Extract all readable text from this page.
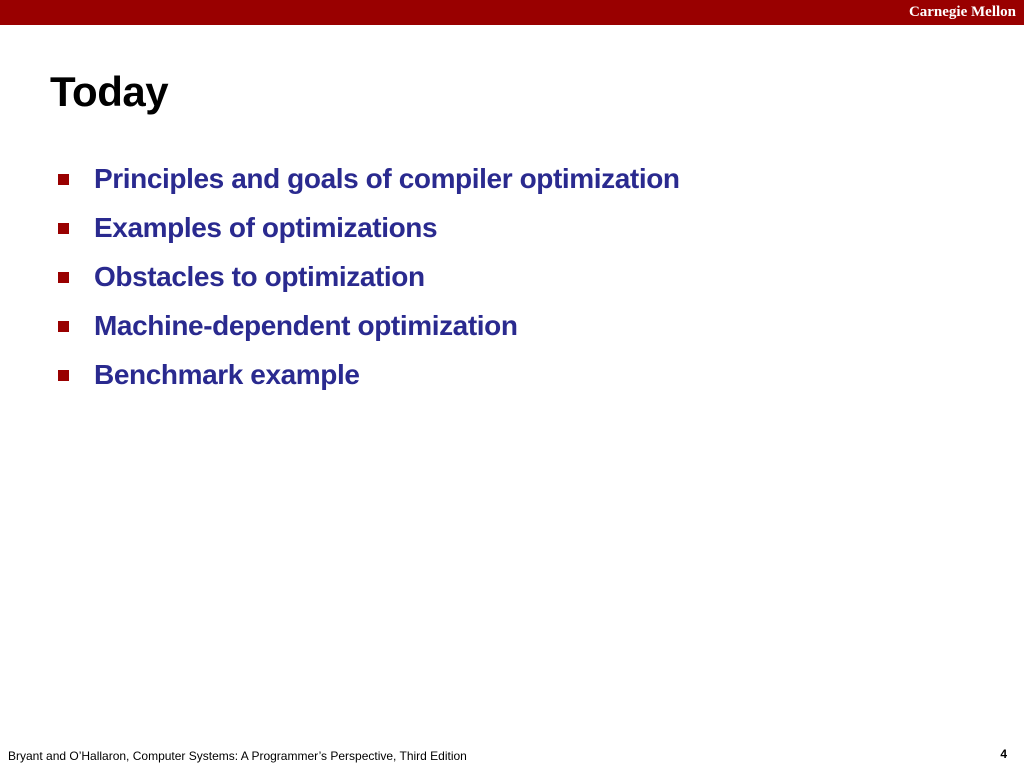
Carnegie Mellon
Today
Principles and goals of compiler optimization
Examples of optimizations
Obstacles to optimization
Machine-dependent optimization
Benchmark example
Bryant and O’Hallaron, Computer Systems: A Programmer’s Perspective, Third Edition	4
